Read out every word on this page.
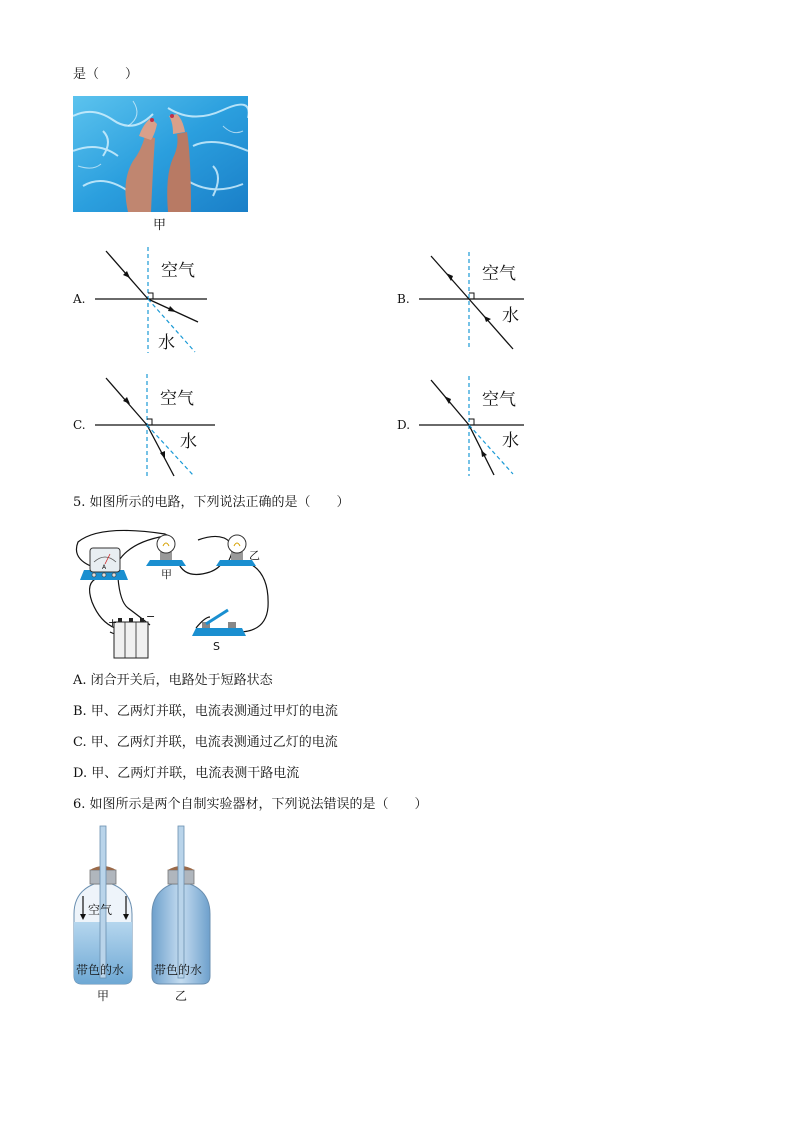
是（　　）
甲
A.
空气
水
B.
空气
水
C.
空气
水
D.
空气
水
5. 如图所示的电路，下列说法正确的是（　　）
A
甲
乙
+	−
S
A. 闭合开关后，电路处于短路状态
B. 甲、乙两灯并联，电流表测通过甲灯的电流
C. 甲、乙两灯并联，电流表测通过乙灯的电流
D. 甲、乙两灯并联，电流表测干路电流
6. 如图所示是两个自制实验器材，下列说法错误的是（　　）
空气
带色的水
甲
带色的水
乙
